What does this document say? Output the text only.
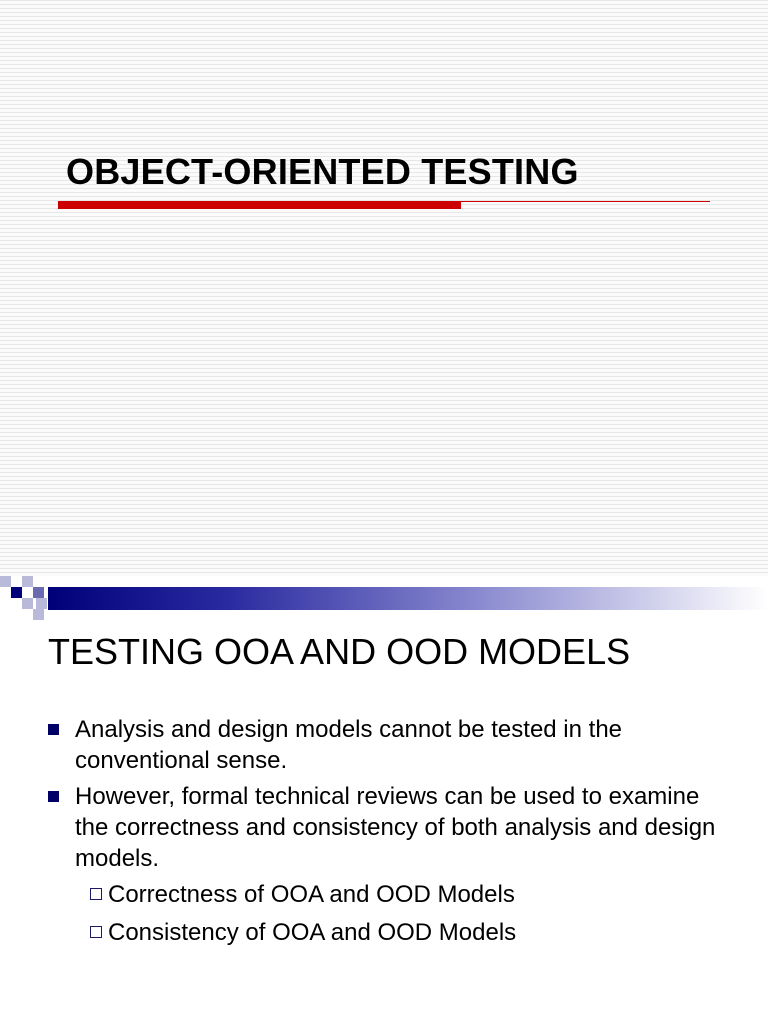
OBJECT-ORIENTED TESTING
TESTING OOA AND OOD MODELS
Analysis and design models cannot be tested in the conventional sense.
However, formal technical reviews can be used to examine the correctness and consistency of both analysis and design models.
Correctness of OOA and OOD Models
Consistency of OOA and OOD Models
